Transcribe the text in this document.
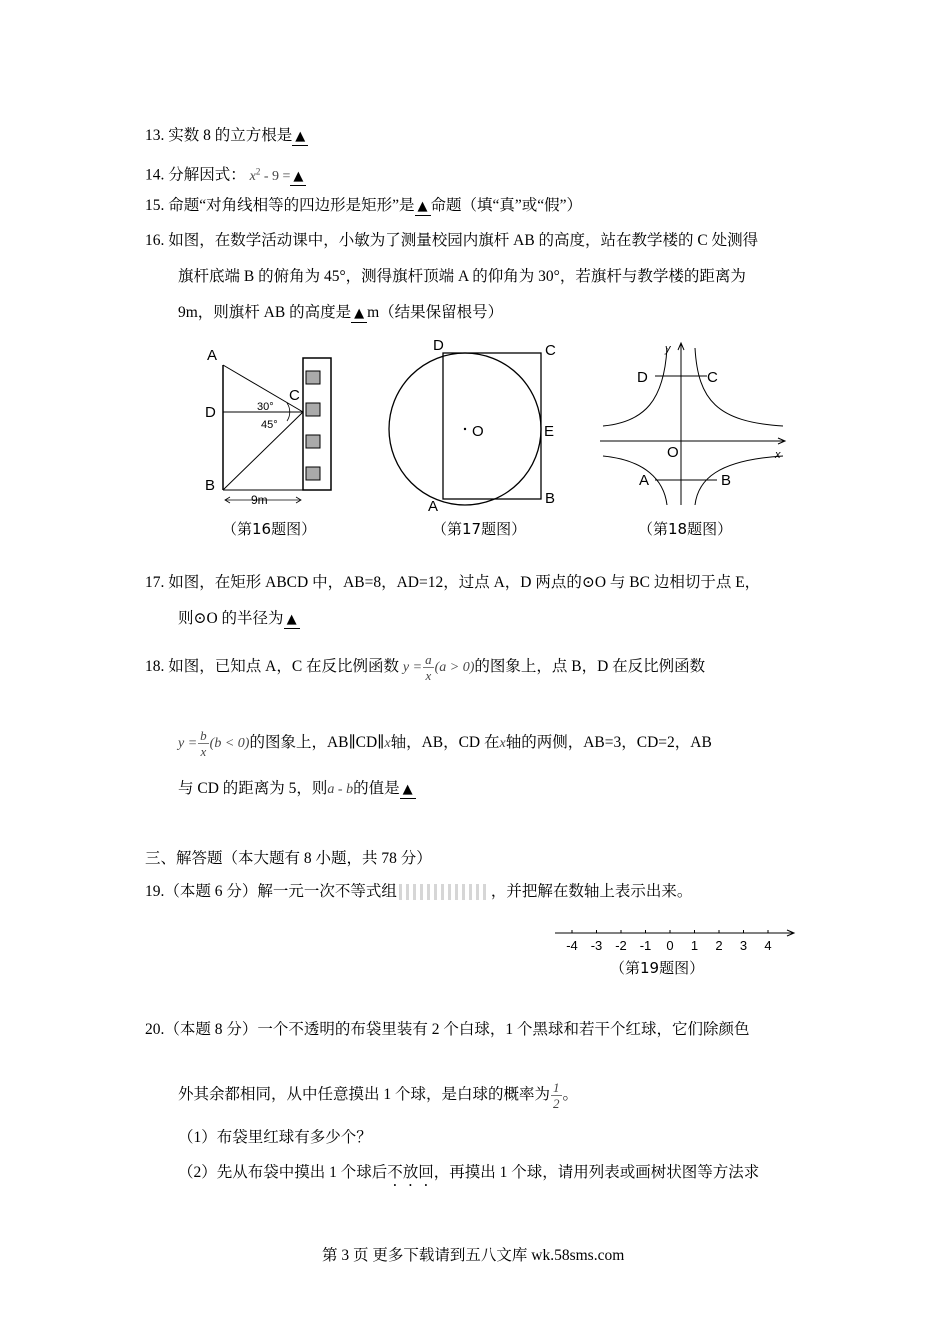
13. 实数 8 的立方根是 ▲
14. 分解因式： $x^2 - 9$ = ▲
15. 命题“对角线相等的四边形是矩形”是 ▲ 命题（填“真”或“假”）
16. 如图，在数学活动课中，小敏为了测量校园内旗杆 AB 的高度，站在教学楼的 C 处测得
旗杆底端 B 的俯角为 45°，测得旗杆顶端 A 的仰角为 30°，若旗杆与教学楼的距离为
9m，则旗杆 AB 的高度是 ▲ m（结果保留根号）
A
D
B
C
30°
45°
9m
（第16题图）
D	C
E
B
A
O
（第17题图）
D	C
O
A	B
y
x
（第18题图）
17. 如图，在矩形 ABCD 中，AB=8，AD=12，过点 A，D 两点的⊙O 与 BC 边相切于点 E，
则⊙O 的半径为 ▲
18. 如图，已知点 A，C 在反比例函数 $y = \frac{a}{x} (a > 0)$的图象上，点 B，D 在反比例函数
$y = \frac{b}{x} (b < 0)$的图象上，AB∥CD∥x轴，AB，CD 在x轴的两侧，AB=3，CD=2，AB
与 CD 的距离为 5，则a - b的值是 ▲
三、解答题（本大题有 8 小题，共 78 分）
19.（本题 6 分）解一元一次不等式组	，并把解在数轴上表示出来。
-4 -3 -2 -1 0 1 2 3 4
（第19题图）
20.（本题 8 分）一个不透明的布袋里装有 2 个白球，1 个黑球和若干个红球，它们除颜色
外其余都相同，从中任意摸出 1 个球，是白球的概率为 $\frac{1}{2}$ 。
（1）布袋里红球有多少个？
（2）先从布袋中摸出 1 个球后不放回，再摸出 1 个球，请用列表或画树状图等方法求
第 3 页 更多下载请到五八文库 wk.58sms.com
